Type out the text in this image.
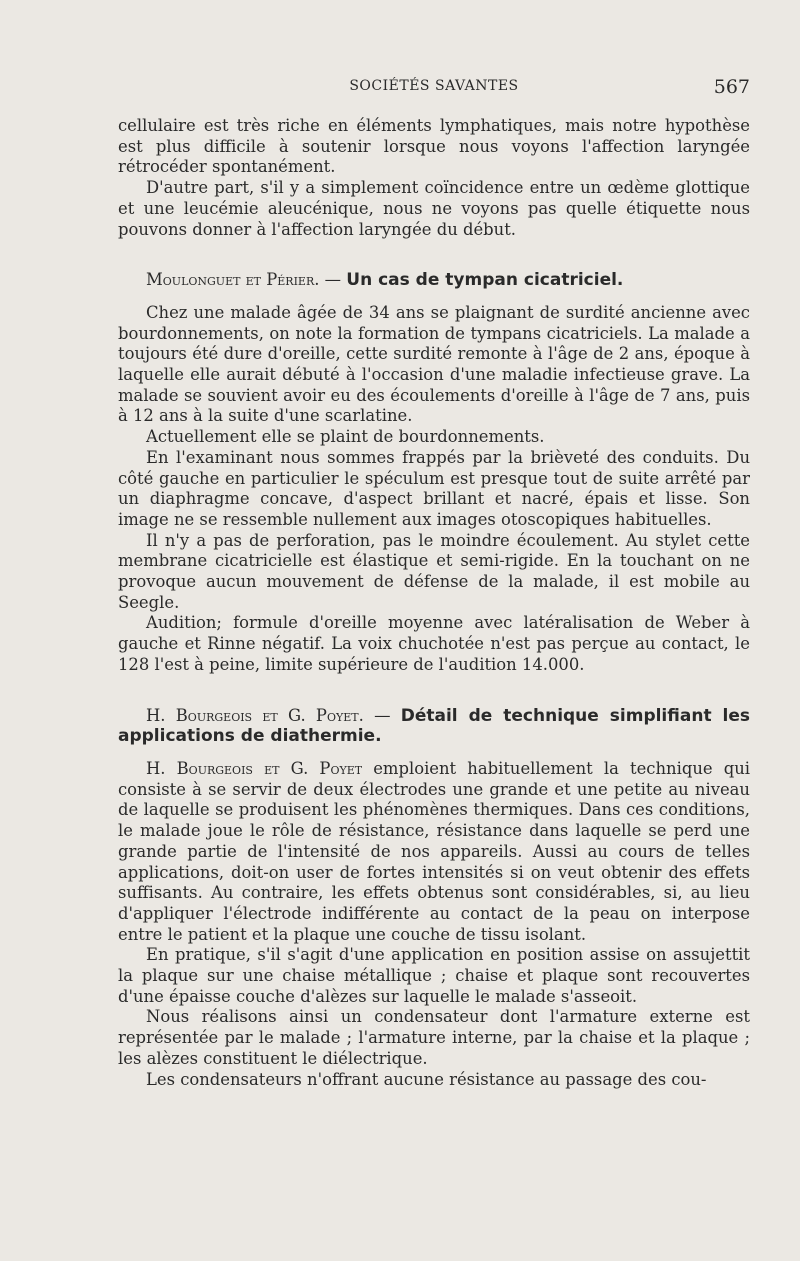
SOCIÉTÉS SAVANTES	567

cellulaire est très riche en éléments lymphatiques, mais notre hypothèse est plus difficile à soutenir lorsque nous voyons l'affection laryngée rétrocéder spontanément.

D'autre part, s'il y a simplement coïncidence entre un œdème glottique et une leucémie aleucénique, nous ne voyons pas quelle étiquette nous pouvons donner à l'affection laryngée du début.

Moulonguet et Périer. — Un cas de tympan cicatriciel.

Chez une malade âgée de 34 ans se plaignant de surdité ancienne avec bourdonnements, on note la formation de tympans cicatriciels. La malade a toujours été dure d'oreille, cette surdité remonte à l'âge de 2 ans, époque à laquelle elle aurait débuté à l'occasion d'une maladie infectieuse grave. La malade se souvient avoir eu des écoulements d'oreille à l'âge de 7 ans, puis à 12 ans à la suite d'une scarlatine.

Actuellement elle se plaint de bourdonnements.

En l'examinant nous sommes frappés par la brièveté des conduits. Du côté gauche en particulier le spéculum est presque tout de suite arrêté par un diaphragme concave, d'aspect brillant et nacré, épais et lisse. Son image ne se ressemble nullement aux images otoscopiques habituelles.

Il n'y a pas de perforation, pas le moindre écoulement. Au stylet cette membrane cicatricielle est élastique et semi-rigide. En la touchant on ne provoque aucun mouvement de défense de la malade, il est mobile au Seegle.

Audition; formule d'oreille moyenne avec latéralisation de Weber à gauche et Rinne négatif. La voix chuchotée n'est pas perçue au contact, le 128 l'est à peine, limite supérieure de l'audition 14.000.

H. Bourgeois et G. Poyet. — Détail de technique simplifiant les applications de diathermie.

H. Bourgeois et G. Poyet emploient habituellement la technique qui consiste à se servir de deux électrodes une grande et une petite au niveau de laquelle se produisent les phénomènes thermiques. Dans ces conditions, le malade joue le rôle de résistance, résistance dans laquelle se perd une grande partie de l'intensité de nos appareils. Aussi au cours de telles applications, doit-on user de fortes intensités si on veut obtenir des effets suffisants. Au contraire, les effets obtenus sont considérables, si, au lieu d'appliquer l'électrode indifférente au contact de la peau on interpose entre le patient et la plaque une couche de tissu isolant.

En pratique, s'il s'agit d'une application en position assise on assujettit la plaque sur une chaise métallique ; chaise et plaque sont recouvertes d'une épaisse couche d'alèzes sur laquelle le malade s'asseoit.

Nous réalisons ainsi un condensateur dont l'armature externe est représentée par le malade ; l'armature interne, par la chaise et la plaque ; les alèzes constituent le diélectrique.

Les condensateurs n'offrant aucune résistance au passage des cou-
